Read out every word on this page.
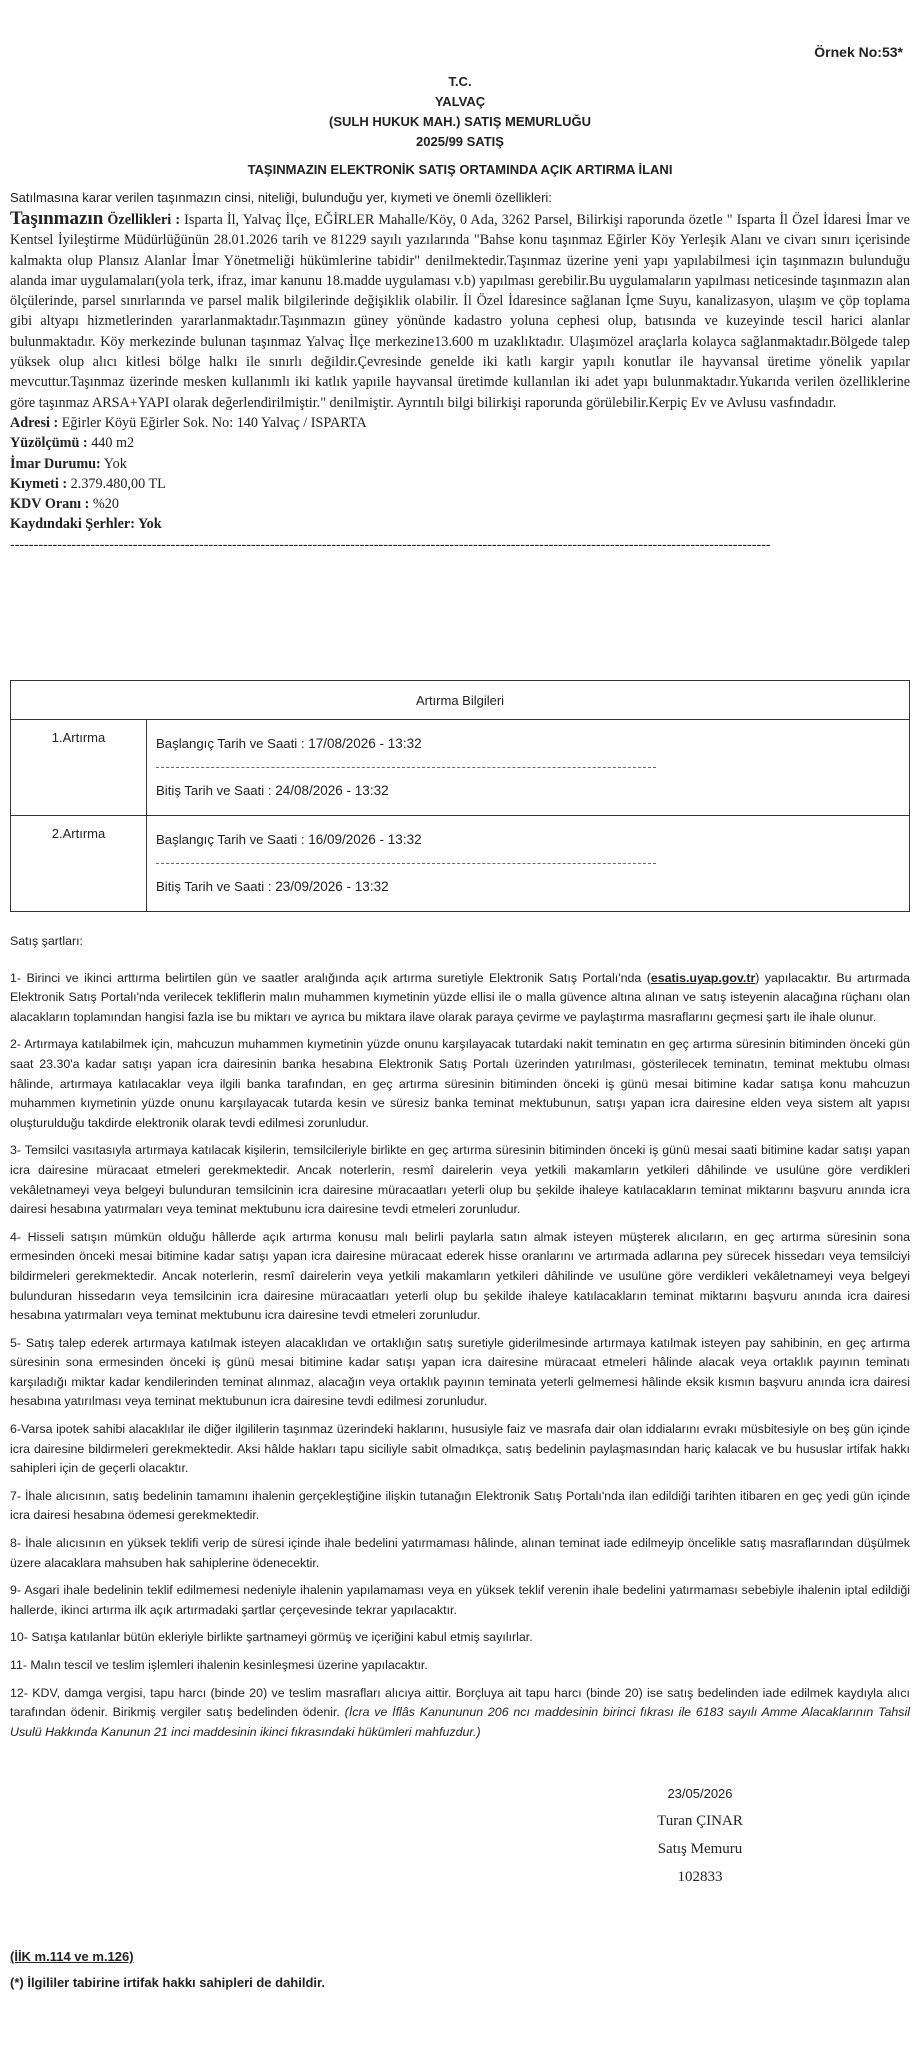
Örnek No:53*

T.C.
YALVAÇ
(SULH HUKUK MAH.) SATIŞ MEMURLUĞU
2025/99 SATIŞ

TAŞINMAZIN ELEKTRONİK SATIŞ ORTAMINDA AÇIK ARTIRMA İLANI

Satılmasına karar verilen taşınmazın cinsi, niteliği, bulunduğu yer, kıymeti ve önemli özellikleri:

Taşınmazın Özellikleri : Isparta İl, Yalvaç İlçe, EĞİRLER Mahalle/Köy, 0 Ada, 3262 Parsel, Bilirkişi raporunda özetle " Isparta İl Özel İdaresi İmar ve Kentsel İyileştirme Müdürlüğünün 28.01.2026 tarih ve 81229 sayılı yazılarında "Bahse konu taşınmaz Eğirler Köy Yerleşik Alanı ve civarı sınırı içerisinde kalmakta olup Plansız Alanlar İmar Yönetmeliği hükümlerine tabidir" denilmektedir.Taşınmaz üzerine yeni yapı yapılabilmesi için taşınmazın bulunduğu alanda imar uygulamaları(yola terk, ifraz, imar kanunu 18.madde uygulaması v.b) yapılması gerebilir.Bu uygulamaların yapılması neticesinde taşınmazın alan ölçülerinde, parsel sınırlarında ve parsel malik bilgilerinde değişiklik olabilir. İl Özel İdaresince sağlanan İçme Suyu, kanalizasyon, ulaşım ve çöp toplama gibi altyapı hizmetlerinden yararlanmaktadır.Taşınmazın güney yönünde kadastro yoluna cephesi olup, batısında ve kuzeyinde tescil harici alanlar bulunmaktadır. Köy merkezinde bulunan taşınmaz Yalvaç İlçe merkezine13.600 m uzaklıktadır. Ulaşımözel araçlarla kolayca sağlanmaktadır.Bölgede talep yüksek olup alıcı kitlesi bölge halkı ile sınırlı değildir.Çevresinde genelde iki katlı kargir yapılı konutlar ile hayvansal üretime yönelik yapılar mevcuttur.Taşınmaz üzerinde mesken kullanımlı iki katlık yapıile hayvansal üretimde kullanılan iki adet yapı bulunmaktadır.Yukarıda verilen özelliklerine göre taşınmaz ARSA+YAPI olarak değerlendirilmiştir." denilmiştir. Ayrıntılı bilgi bilirkişi raporunda görülebilir.Kerpiç Ev ve Avlusu vasfındadır.

Adresi : Eğirler Köyü Eğirler Sok. No: 140 Yalvaç / ISPARTA

Yüzölçümü : 440 m2

İmar Durumu: Yok

Kıymeti : 2.379.480,00 TL

KDV Oranı : %20

Kaydındaki Şerhler: Yok

-----------------------------------------------------------------------------------------------------------------------------------------------------------------

Artırma Bilgileri	
1.Artırma	Başlangıç Tarih ve Saati : 17/08/2026 - 13:32
Bitiş Tarih ve Saati : 24/08/2026 - 13:32

2.Artırma	Başlangıç Tarih ve Saati : 16/09/2026 - 13:32
Bitiş Tarih ve Saati : 23/09/2026 - 13:32

Satış şartları:

1- Birinci ve ikinci arttırma belirtilen gün ve saatler aralığında açık artırma suretiyle Elektronik Satış Portalı'nda (esatis.uyap.gov.tr) yapılacaktır. Bu artırmada Elektronik Satış Portalı'nda verilecek tekliflerin malın muhammen kıymetinin yüzde ellisi ile o malla güvence altına alınan ve satış isteyenin alacağına rüçhanı olan alacakların toplamından hangisi fazla ise bu miktarı ve ayrıca bu miktara ilave olarak paraya çevirme ve paylaştırma masraflarını geçmesi şartı ile ihale olunur.

2- Artırmaya katılabilmek için, mahcuzun muhammen kıymetinin yüzde onunu karşılayacak tutardaki nakit teminatın en geç artırma süresinin bitiminden önceki gün saat 23.30'a kadar satışı yapan icra dairesinin banka hesabına Elektronik Satış Portalı üzerinden yatırılması, gösterilecek teminatın, teminat mektubu olması hâlinde, artırmaya katılacaklar veya ilgili banka tarafından, en geç artırma süresinin bitiminden önceki iş günü mesai bitimine kadar satışa konu mahcuzun muhammen kıymetinin yüzde onunu karşılayacak tutarda kesin ve süresiz banka teminat mektubunun, satışı yapan icra dairesine elden veya sistem alt yapısı oluşturulduğu takdirde elektronik olarak tevdi edilmesi zorunludur.

3- Temsilci vasıtasıyla artırmaya katılacak kişilerin, temsilcileriyle birlikte en geç artırma süresinin bitiminden önceki iş günü mesai saati bitimine kadar satışı yapan icra dairesine müracaat etmeleri gerekmektedir. Ancak noterlerin, resmî dairelerin veya yetkili makamların yetkileri dâhilinde ve usulüne göre verdikleri vekâletnameyi veya belgeyi bulunduran temsilcinin icra dairesine müracaatları yeterli olup bu şekilde ihaleye katılacakların teminat miktarını başvuru anında icra dairesi hesabına yatırmaları veya teminat mektubunu icra dairesine tevdi etmeleri zorunludur.

4- Hisseli satışın mümkün olduğu hâllerde açık artırma konusu malı belirli paylarla satın almak isteyen müşterek alıcıların, en geç artırma süresinin sona ermesinden önceki mesai bitimine kadar satışı yapan icra dairesine müracaat ederek hisse oranlarını ve artırmada adlarına pey sürecek hissedarı veya temsilciyi bildirmeleri gerekmektedir. Ancak noterlerin, resmî dairelerin veya yetkili makamların yetkileri dâhilinde ve usulüne göre verdikleri vekâletnameyi veya belgeyi bulunduran hissedarın veya temsilcinin icra dairesine müracaatları yeterli olup bu şekilde ihaleye katılacakların teminat miktarını başvuru anında icra dairesi hesabına yatırmaları veya teminat mektubunu icra dairesine tevdi etmeleri zorunludur.

5- Satış talep ederek artırmaya katılmak isteyen alacaklıdan ve ortaklığın satış suretiyle giderilmesinde artırmaya katılmak isteyen pay sahibinin, en geç artırma süresinin sona ermesinden önceki iş günü mesai bitimine kadar satışı yapan icra dairesine müracaat etmeleri hâlinde alacak veya ortaklık payının teminatı karşıladığı miktar kadar kendilerinden teminat alınmaz, alacağın veya ortaklık payının teminata yeterli gelmemesi hâlinde eksik kısmın başvuru anında icra dairesi hesabına yatırılması veya teminat mektubunun icra dairesine tevdi edilmesi zorunludur.

6-Varsa ipotek sahibi alacaklılar ile diğer ilgililerin taşınmaz üzerindeki haklarını, hususiyle faiz ve masrafa dair olan iddialarını evrakı müsbitesiyle on beş gün içinde icra dairesine bildirmeleri gerekmektedir. Aksi hâlde hakları tapu siciliyle sabit olmadıkça, satış bedelinin paylaşmasından hariç kalacak ve bu hususlar irtifak hakkı sahipleri için de geçerli olacaktır.

7- İhale alıcısının, satış bedelinin tamamını ihalenin gerçekleştiğine ilişkin tutanağın Elektronik Satış Portalı'nda ilan edildiği tarihten itibaren en geç yedi gün içinde icra dairesi hesabına ödemesi gerekmektedir.

8- İhale alıcısının en yüksek teklifi verip de süresi içinde ihale bedelini yatırmaması hâlinde, alınan teminat iade edilmeyip öncelikle satış masraflarından düşülmek üzere alacaklara mahsuben hak sahiplerine ödenecektir.

9- Asgari ihale bedelinin teklif edilmemesi nedeniyle ihalenin yapılamaması veya en yüksek teklif verenin ihale bedelini yatırmaması sebebiyle ihalenin iptal edildiği hallerde, ikinci artırma ilk açık artırmadaki şartlar çerçevesinde tekrar yapılacaktır.

10- Satışa katılanlar bütün ekleriyle birlikte şartnameyi görmüş ve içeriğini kabul etmiş sayılırlar.

11- Malın tescil ve teslim işlemleri ihalenin kesinleşmesi üzerine yapılacaktır.

12- KDV, damga vergisi, tapu harcı (binde 20) ve teslim masrafları alıcıya aittir. Borçluya ait tapu harcı (binde 20) ise satış bedelinden iade edilmek kaydıyla alıcı tarafından ödenir. Birikmiş vergiler satış bedelinden ödenir. (İcra ve İflâs Kanununun 206 ncı maddesinin birinci fıkrası ile 6183 sayılı Amme Alacaklarının Tahsil Usulü Hakkında Kanunun 21 inci maddesinin ikinci fıkrasındaki hükümleri mahfuzdur.)

23/05/2026
Turan ÇINAR
Satış Memuru
102833

(İİK m.114 ve m.126)

(*) İlgililer tabirine irtifak hakkı sahipleri de dahildir.
